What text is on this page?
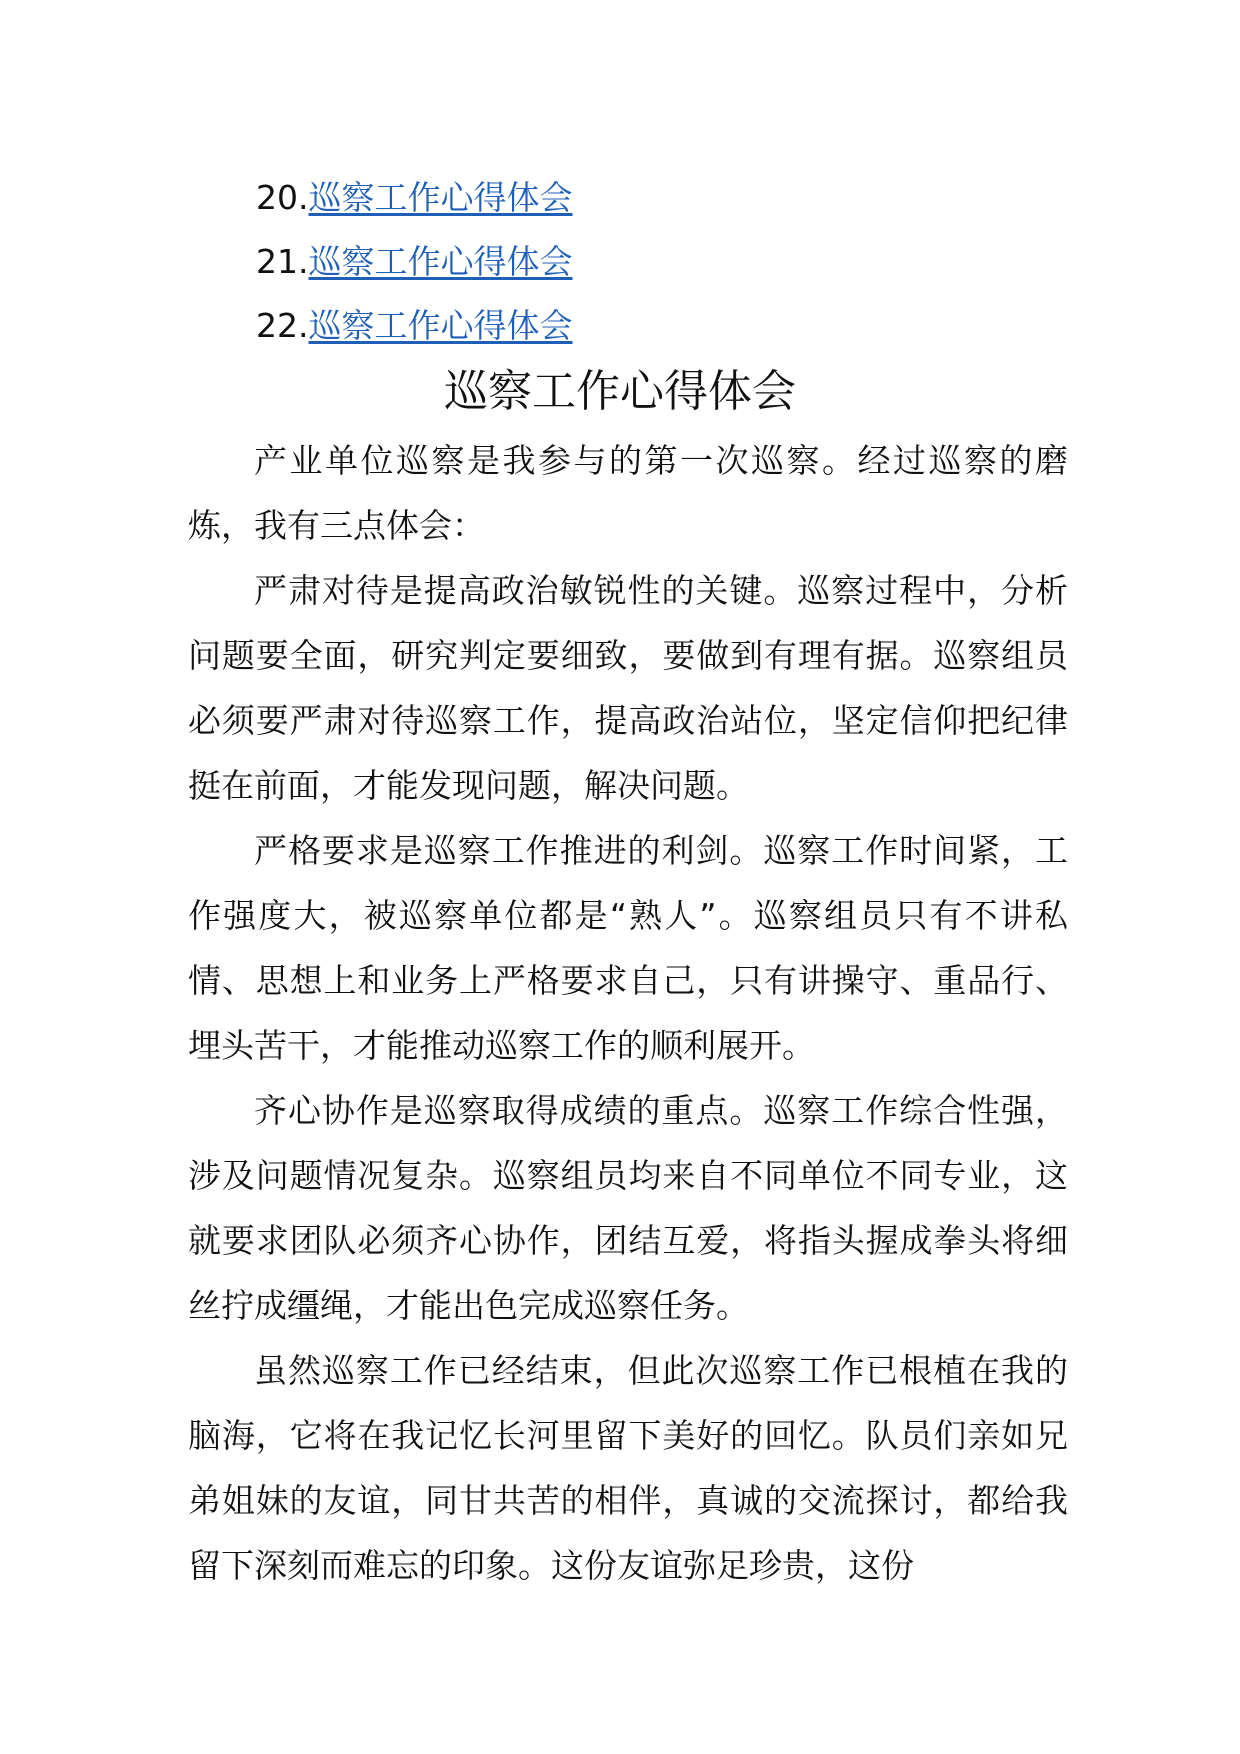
20.巡察工作心得体会
21.巡察工作心得体会
22.巡察工作心得体会
巡察工作心得体会

产业单位巡察是我参与的第一次巡察。经过巡察的磨炼，我有三点体会：

严肃对待是提高政治敏锐性的关键。巡察过程中，分析问题要全面，研究判定要细致，要做到有理有据。巡察组员必须要严肃对待巡察工作，提高政治站位，坚定信仰把纪律挺在前面，才能发现问题，解决问题。

严格要求是巡察工作推进的利剑。巡察工作时间紧，工作强度大，被巡察单位都是“熟人”。巡察组员只有不讲私情、思想上和业务上严格要求自己，只有讲操守、重品行、埋头苦干，才能推动巡察工作的顺利展开。

齐心协作是巡察取得成绩的重点。巡察工作综合性强，涉及问题情况复杂。巡察组员均来自不同单位不同专业，这就要求团队必须齐心协作，团结互爱，将指头握成拳头将细丝拧成缰绳，才能出色完成巡察任务。

虽然巡察工作已经结束，但此次巡察工作已根植在我的脑海，它将在我记忆长河里留下美好的回忆。队员们亲如兄弟姐妹的友谊，同甘共苦的相伴，真诚的交流探讨，都给我留下深刻而难忘的印象。这份友谊弥足珍贵，这份
